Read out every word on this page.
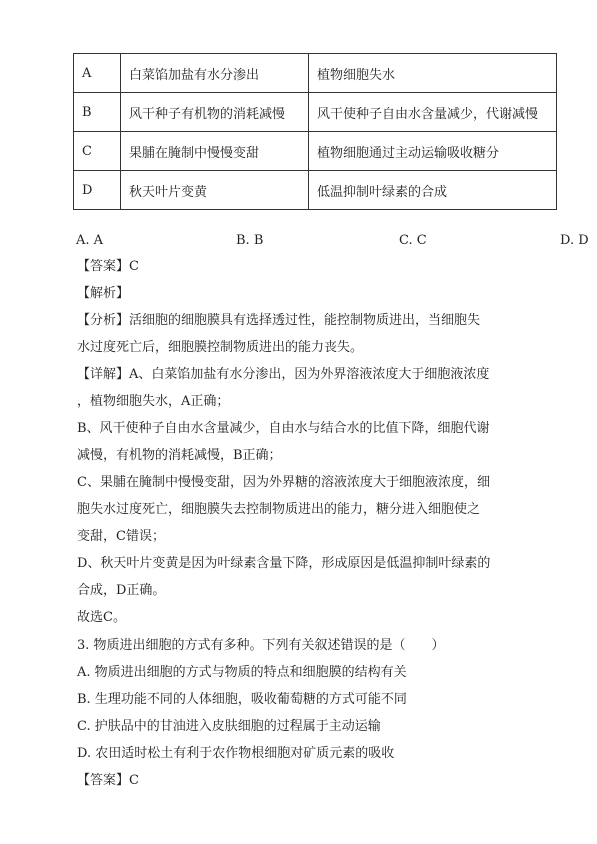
A	白菜馅加盐有水分渗出	植物细胞失水
B	风干种子有机物的消耗减慢	风干使种子自由水含量减少，代谢减慢
C	果脯在腌制中慢慢变甜	植物细胞通过主动运输吸收糖分
D	秋天叶片变黄	低温抑制叶绿素的合成
A. A	B. B	C. C	D. D
【答案】C
【解析】
【分析】活细胞的细胞膜具有选择透过性，能控制物质进出，当细胞失
水过度死亡后，细胞膜控制物质进出的能力丧失。
【详解】A、白菜馅加盐有水分渗出，因为外界溶液浓度大于细胞液浓度
，植物细胞失水，A正确；
B、风干使种子自由水含量减少，自由水与结合水的比值下降，细胞代谢
减慢，有机物的消耗减慢，B正确；
C、果脯在腌制中慢慢变甜，因为外界糖的溶液浓度大于细胞液浓度，细
胞失水过度死亡，细胞膜失去控制物质进出的能力，糖分进入细胞使之
变甜，C错误；
D、秋天叶片变黄是因为叶绿素含量下降，形成原因是低温抑制叶绿素的
合成，D正确。
故选C。
3. 物质进出细胞的方式有多种。下列有关叙述错误的是（　　）
A. 物质进出细胞的方式与物质的特点和细胞膜的结构有关
B. 生理功能不同的人体细胞，吸收葡萄糖的方式可能不同
C. 护肤品中的甘油进入皮肤细胞的过程属于主动运输
D. 农田适时松土有利于农作物根细胞对矿质元素的吸收
【答案】C
